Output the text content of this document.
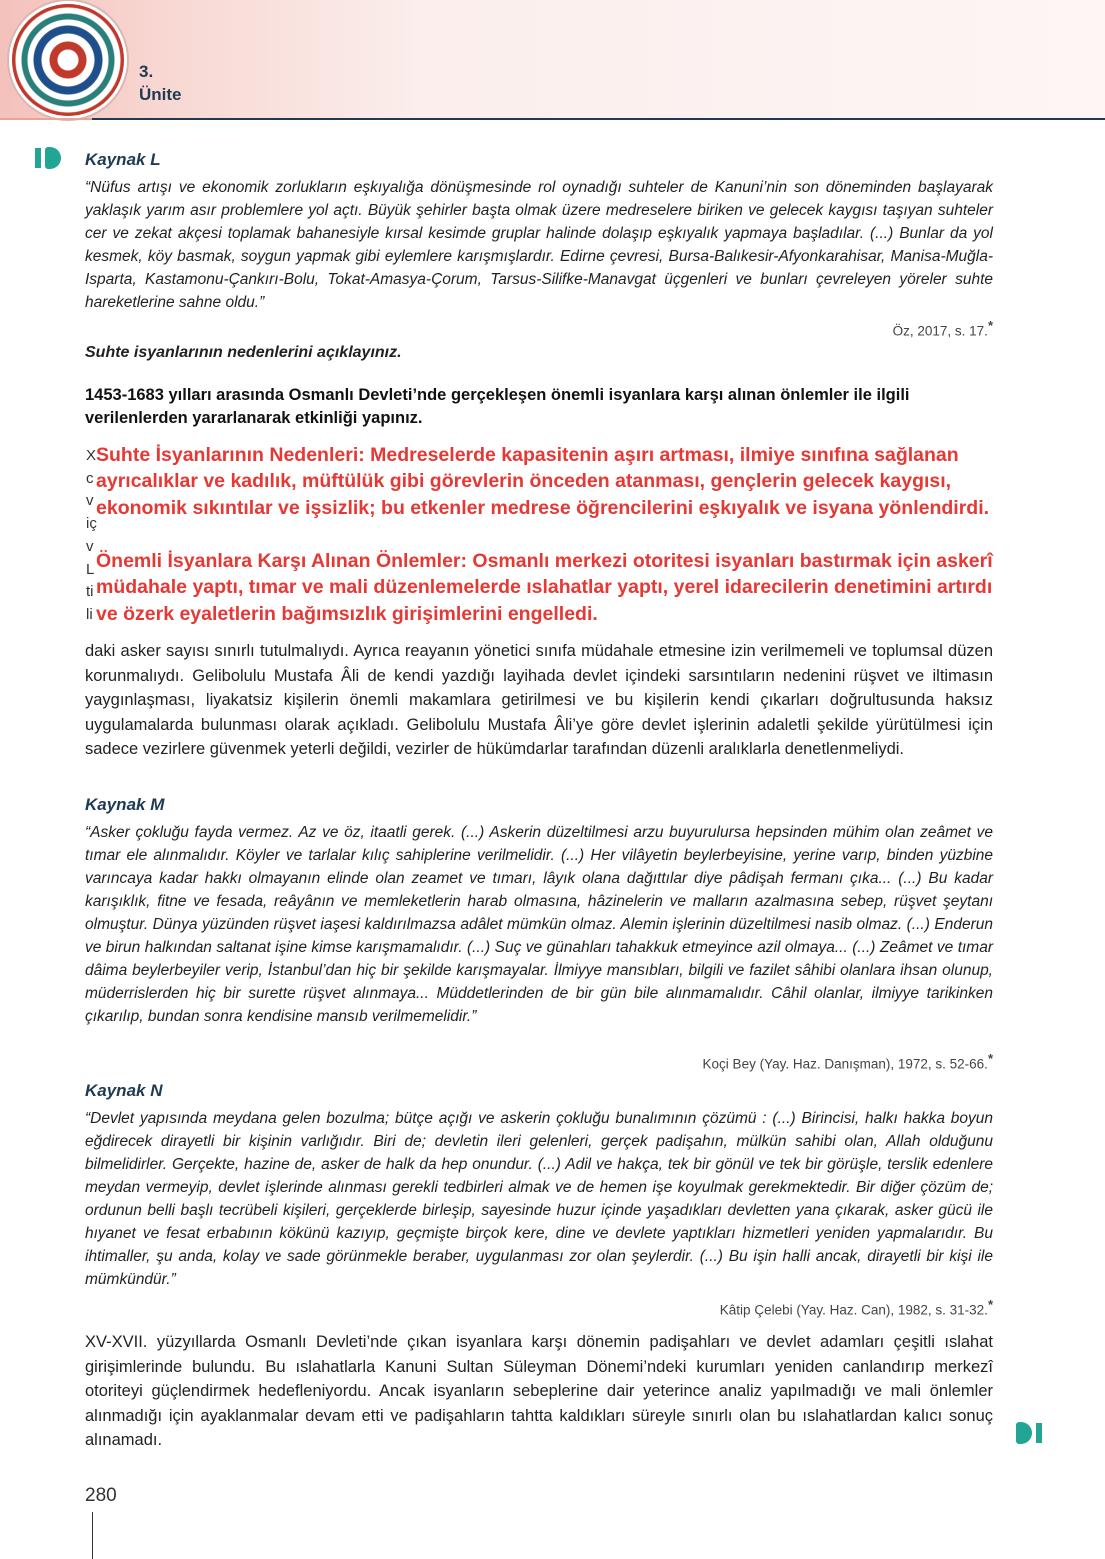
3.
Ünite

Kaynak L

“Nüfus artışı ve ekonomik zorlukların eşkıyalığa dönüşmesinde rol oynadığı suhteler de Kanuni’nin son döneminden başlayarak yaklaşık yarım asır problemlere yol açtı. Büyük şehirler başta olmak üzere medreselere biriken ve gelecek kaygısı taşıyan suhteler cer ve zekat akçesi toplamak bahanesiyle kırsal kesimde gruplar halinde dolaşıp eşkıyalık yapmaya başladılar. (...) Bunlar da yol kesmek, köy basmak, soygun yapmak gibi eylemlere karışmışlardır. Edirne çevresi, Bursa-Balıkesir-Afyonkarahisar, Manisa-Muğla-Isparta, Kastamonu-Çankırı-Bolu, Tokat-Amasya-Çorum, Tarsus-Silifke-Manavgat üçgenleri ve bunları çevreleyen yöreler suhte hareketlerine sahne oldu.”

Öz, 2017, s. 17.*

Suhte isyanlarının nedenlerini açıklayınız.

1453-1683 yılları arasında Osmanlı Devleti’nde gerçekleşen önemli isyanlara karşı alınan önlemler ile ilgili verilenlerden yararlanarak etkinliği yapınız.

X
c
v
iç
v
L
ti
li

Suhte İsyanlarının Nedenleri: Medreselerde kapasitenin aşırı artması, ilmiye sınıfına sağlanan ayrıcalıklar ve kadılık, müftülük gibi görevlerin önceden atanması, gençlerin gelecek kaygısı, ekonomik sıkıntılar ve işsizlik; bu etkenler medrese öğrencilerini eşkıyalık ve isyana yönlendirdi.

Önemli İsyanlara Karşı Alınan Önlemler: Osmanlı merkezi otoritesi isyanları bastırmak için askerî müdahale yaptı, tımar ve mali düzenlemelerde ıslahatlar yaptı, yerel idarecilerin denetimini artırdı ve özerk eyaletlerin bağımsızlık girişimlerini engelledi.

daki asker sayısı sınırlı tutulmalıydı. Ayrıca reayanın yönetici sınıfa müdahale etmesine izin verilmemeli ve toplumsal düzen korunmalıydı. Gelibolulu Mustafa Âli de kendi yazdığı layihada devlet içindeki sarsıntıların nedenini rüşvet ve iltimasın yaygınlaşması, liyakatsiz kişilerin önemli makamlara getirilmesi ve bu kişilerin kendi çıkarları doğrultusunda haksız uygulamalarda bulunması olarak açıkladı. Gelibolulu Mustafa Âli’ye göre devlet işlerinin adaletli şekilde yürütülmesi için sadece vezirlere güvenmek yeterli değildi, vezirler de hükümdarlar tarafından düzenli aralıklarla denetlenmeliydi.

Kaynak M

“Asker çokluğu fayda vermez. Az ve öz, itaatli gerek. (...) Askerin düzeltilmesi arzu buyurulursa hepsinden mühim olan zeâmet ve tımar ele alınmalıdır. Köyler ve tarlalar kılıç sahiplerine verilmelidir. (...) Her vilâyetin beylerbeyisine, yerine varıp, binden yüzbine varıncaya kadar hakkı olmayanın elinde olan zeamet ve tımarı, lâyık olana dağıttılar diye pâdişah fermanı çıka... (...) Bu kadar karışıklık, fitne ve fesada, reâyânın ve memleketlerin harab olmasına, hâzinelerin ve malların azalmasına sebep, rüşvet şeytanı olmuştur. Dünya yüzünden rüşvet iaşesi kaldırılmazsa adâlet mümkün olmaz. Alemin işlerinin düzeltilmesi nasib olmaz. (...) Enderun ve birun halkından saltanat işine kimse karışmamalıdır. (...) Suç ve günahları tahakkuk etmeyince azil olmaya... (...) Zeâmet ve tımar dâima beylerbeyiler verip, İstanbul’dan hiç bir şekilde karışmayalar. İlmiyye mansıbları, bilgili ve fazilet sâhibi olanlara ihsan olunup, müderrislerden hiç bir surette rüşvet alınmaya... Müddetlerinden de bir gün bile alınmamalıdır. Câhil olanlar, ilmiyye tarikinken çıkarılıp, bundan sonra kendisine mansıb verilmemelidir.”

Koçi Bey (Yay. Haz. Danışman), 1972, s. 52-66.*

Kaynak N

“Devlet yapısında meydana gelen bozulma; bütçe açığı ve askerin çokluğu bunalımının çözümü : (...) Birincisi, halkı hakka boyun eğdirecek dirayetli bir kişinin varlığıdır. Biri de; devletin ileri gelenleri, gerçek padişahın, mülkün sahibi olan, Allah olduğunu bilmelidirler. Gerçekte, hazine de, asker de halk da hep onundur. (...) Adil ve hakça, tek bir gönül ve tek bir görüşle, terslik edenlere meydan vermeyip, devlet işlerinde alınması gerekli tedbirleri almak ve de hemen işe koyulmak gerekmektedir. Bir diğer çözüm de; ordunun belli başlı tecrübeli kişileri, gerçeklerde birleşip, sayesinde huzur içinde yaşadıkları devletten yana çıkarak, asker gücü ile hıyanet ve fesat erbabının kökünü kazıyıp, geçmişte birçok kere, dine ve devlete yaptıkları hizmetleri yeniden yapmalarıdır. Bu ihtimaller, şu anda, kolay ve sade görünmekle beraber, uygulanması zor olan şeylerdir. (...) Bu işin halli ancak, dirayetli bir kişi ile mümkündür.”

Kâtip Çelebi (Yay. Haz. Can), 1982, s. 31-32.*

XV-XVII. yüzyıllarda Osmanlı Devleti’nde çıkan isyanlara karşı dönemin padişahları ve devlet adamları çeşitli ıslahat girişimlerinde bulundu. Bu ıslahatlarla Kanuni Sultan Süleyman Dönemi’ndeki kurumları yeniden canlandırıp merkezî otoriteyi güçlendirmek hedefleniyordu. Ancak isyanların sebeplerine dair yeterince analiz yapılmadığı ve mali önlemler alınmadığı için ayaklanmalar devam etti ve padişahların tahtta kaldıkları süreyle sınırlı olan bu ıslahatlardan kalıcı sonuç alınamadı.

280
